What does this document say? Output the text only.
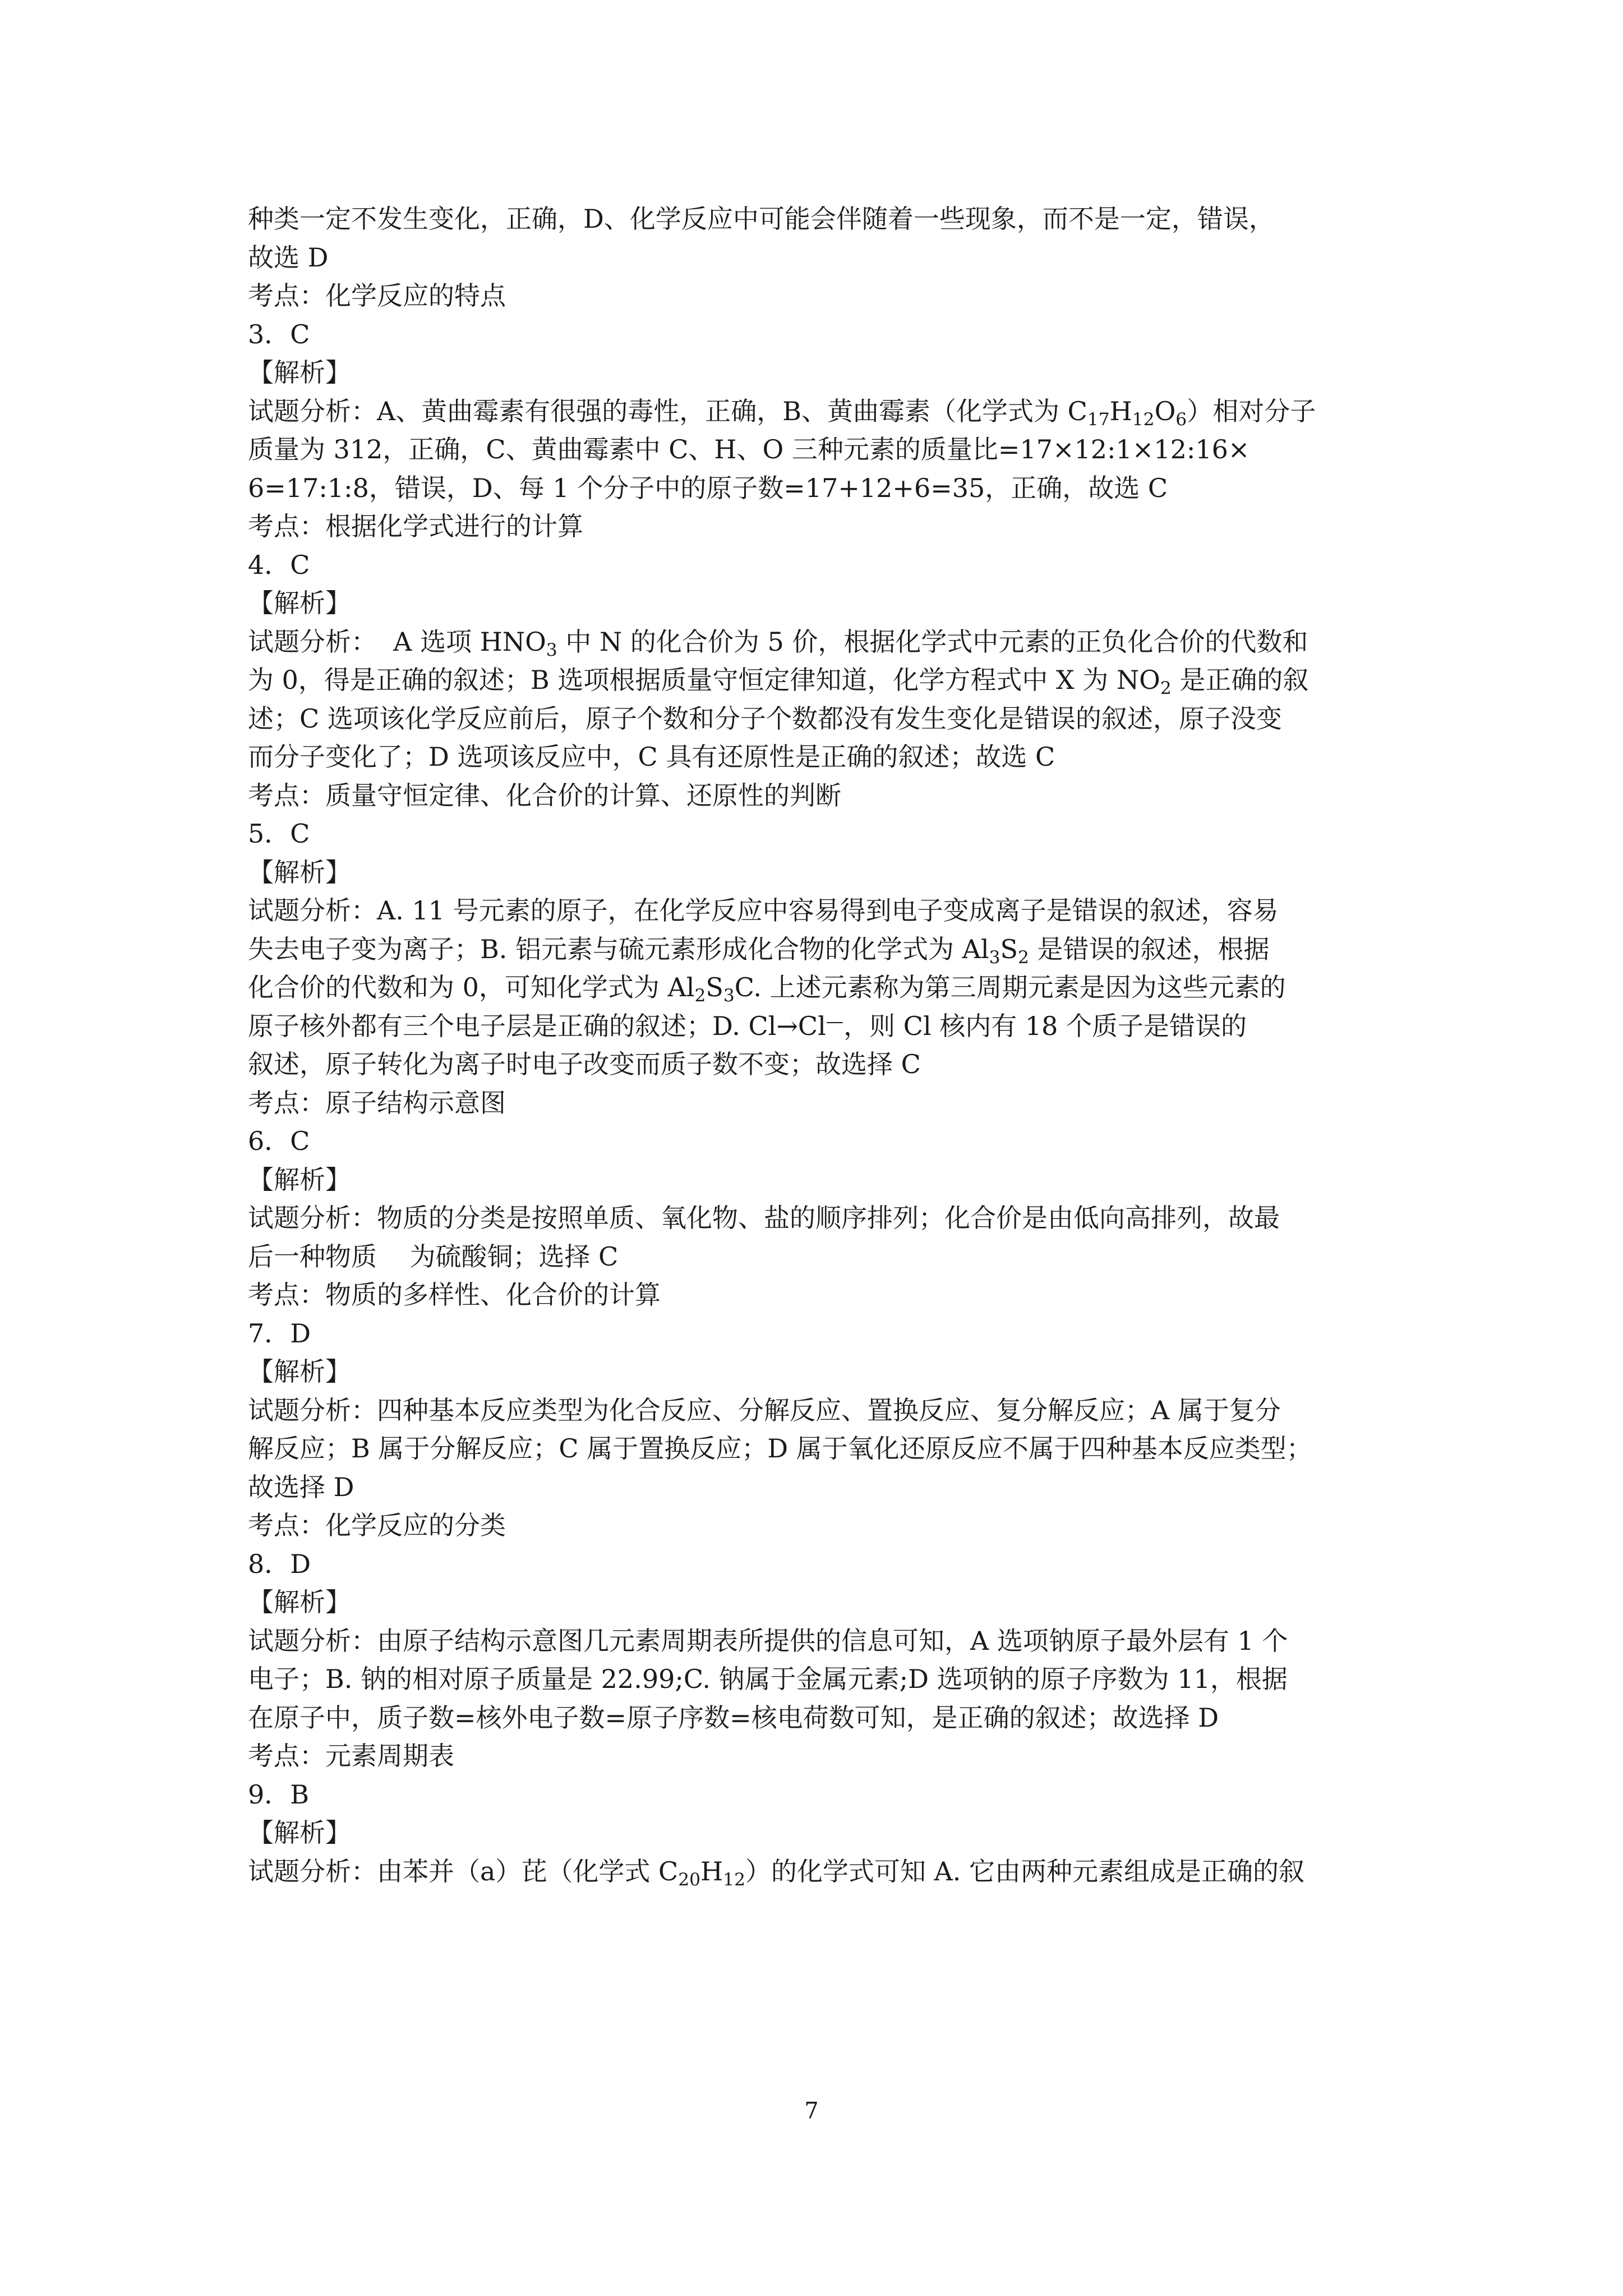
种类一定不发生变化，正确，D、化学反应中可能会伴随着一些现象，而不是一定，错误，
故选 D
考点：化学反应的特点
3．C
【解析】
试题分析：A、黄曲霉素有很强的毒性，正确，B、黄曲霉素（化学式为 $C_{17}H_{12}O_6$）相对分子
质量为 312，正确，C、黄曲霉素中 C、H、O 三种元素的质量比=17×12:1×12:16×
6=17:1:8，错误，D、每 1 个分子中的原子数=17+12+6=35，正确，故选 C
考点：根据化学式进行的计算
4．C
【解析】
试题分析：  A 选项 $HNO_3$ 中 N 的化合价为 5 价，根据化学式中元素的正负化合价的代数和
为 0，得是正确的叙述；B 选项根据质量守恒定律知道，化学方程式中 X 为 $NO_2$ 是正确的叙
述；C 选项该化学反应前后，原子个数和分子个数都没有发生变化是错误的叙述，原子没变
而分子变化了；D 选项该反应中，C 具有还原性是正确的叙述；故选 C
考点：质量守恒定律、化合价的计算、还原性的判断
5．C
【解析】
试题分析：A. 11 号元素的原子，在化学反应中容易得到电子变成离子是错误的叙述，容易
失去电子变为离子；B. 铝元素与硫元素形成化合物的化学式为 $Al_3S_2$ 是错误的叙述，根据
化合价的代数和为 0，可知化学式为 $Al_2S_3C$. 上述元素称为第三周期元素是因为这些元素的
原子核外都有三个电子层是正确的叙述；D. Cl→Cl—，则 Cl 核内有 18 个质子是错误的
叙述，原子转化为离子时电子改变而质子数不变；故选择 C
考点：原子结构示意图
6．C
【解析】
试题分析：物质的分类是按照单质、氧化物、盐的顺序排列；化合价是由低向高排列，故最
后一种物质    为硫酸铜；选择 C
考点：物质的多样性、化合价的计算
7．D
【解析】
试题分析：四种基本反应类型为化合反应、分解反应、置换反应、复分解反应；A 属于复分
解反应；B 属于分解反应；C 属于置换反应；D 属于氧化还原反应不属于四种基本反应类型；
故选择 D
考点：化学反应的分类
8．D
【解析】
试题分析：由原子结构示意图几元素周期表所提供的信息可知，A 选项钠原子最外层有 1 个
电子；B. 钠的相对原子质量是 22.99;C. 钠属于金属元素;D 选项钠的原子序数为 11，根据
在原子中，质子数=核外电子数=原子序数=核电荷数可知，是正确的叙述；故选择 D
考点：元素周期表
9．B
【解析】
试题分析：由苯并（a）芘（化学式 $C_{20}H_{12}$）的化学式可知 A. 它由两种元素组成是正确的叙
7
